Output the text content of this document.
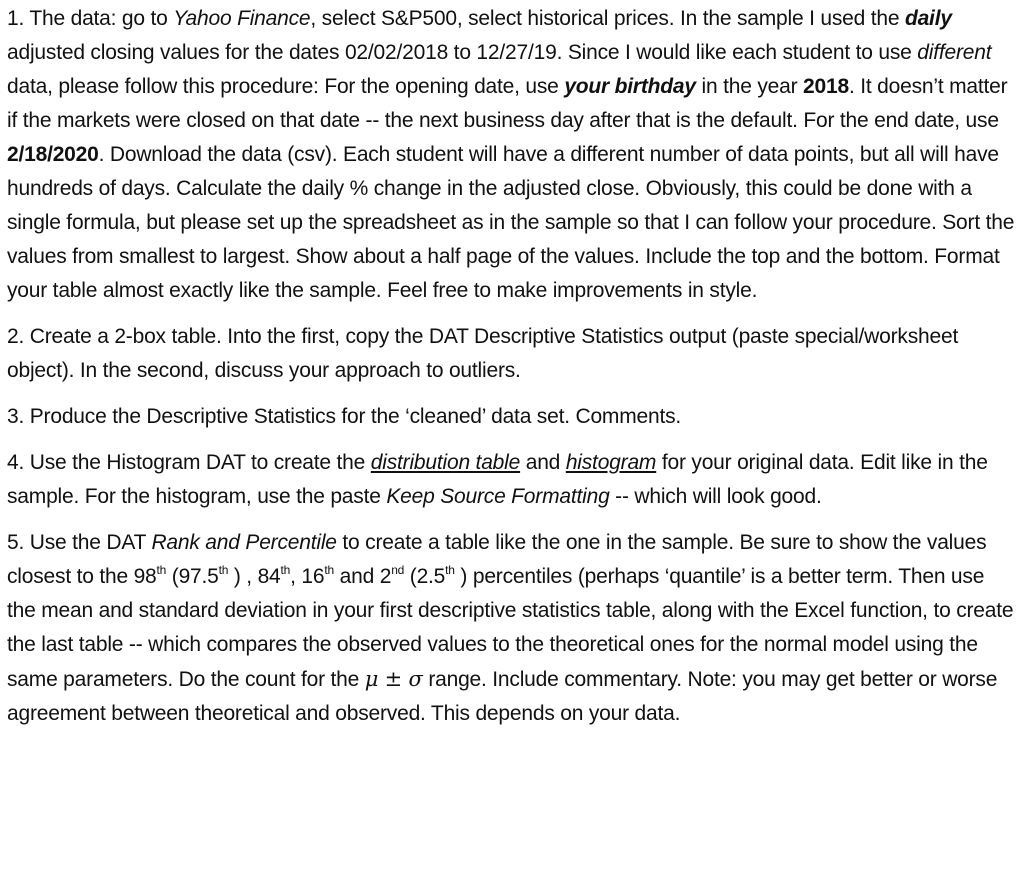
1. The data: go to Yahoo Finance, select S&P500, select historical prices. In the sample I used the daily adjusted closing values for the dates 02/02/2018 to 12/27/19. Since I would like each student to use different data, please follow this procedure: For the opening date, use your birthday in the year 2018. It doesn’t matter if the markets were closed on that date -- the next business day after that is the default. For the end date, use 2/18/2020. Download the data (csv). Each student will have a different number of data points, but all will have hundreds of days. Calculate the daily % change in the adjusted close. Obviously, this could be done with a single formula, but please set up the spreadsheet as in the sample so that I can follow your procedure. Sort the values from smallest to largest. Show about a half page of the values. Include the top and the bottom. Format your table almost exactly like the sample. Feel free to make improvements in style.

2. Create a 2-box table. Into the first, copy the DAT Descriptive Statistics output (paste special/worksheet object). In the second, discuss your approach to outliers.

3. Produce the Descriptive Statistics for the ‘cleaned’ data set. Comments.

4. Use the Histogram DAT to create the distribution table and histogram for your original data. Edit like in the sample. For the histogram, use the paste Keep Source Formatting -- which will look good.

5. Use the DAT Rank and Percentile to create a table like the one in the sample. Be sure to show the values closest to the 98th (97.5th ) , 84th, 16th and 2nd (2.5th ) percentiles (perhaps ‘quantile’ is a better term. Then use the mean and standard deviation in your first descriptive statistics table, along with the Excel function, to create the last table -- which compares the observed values to the theoretical ones for the normal model using the same parameters. Do the count for the μ ± σ range. Include commentary. Note: you may get better or worse agreement between theoretical and observed. This depends on your data.
